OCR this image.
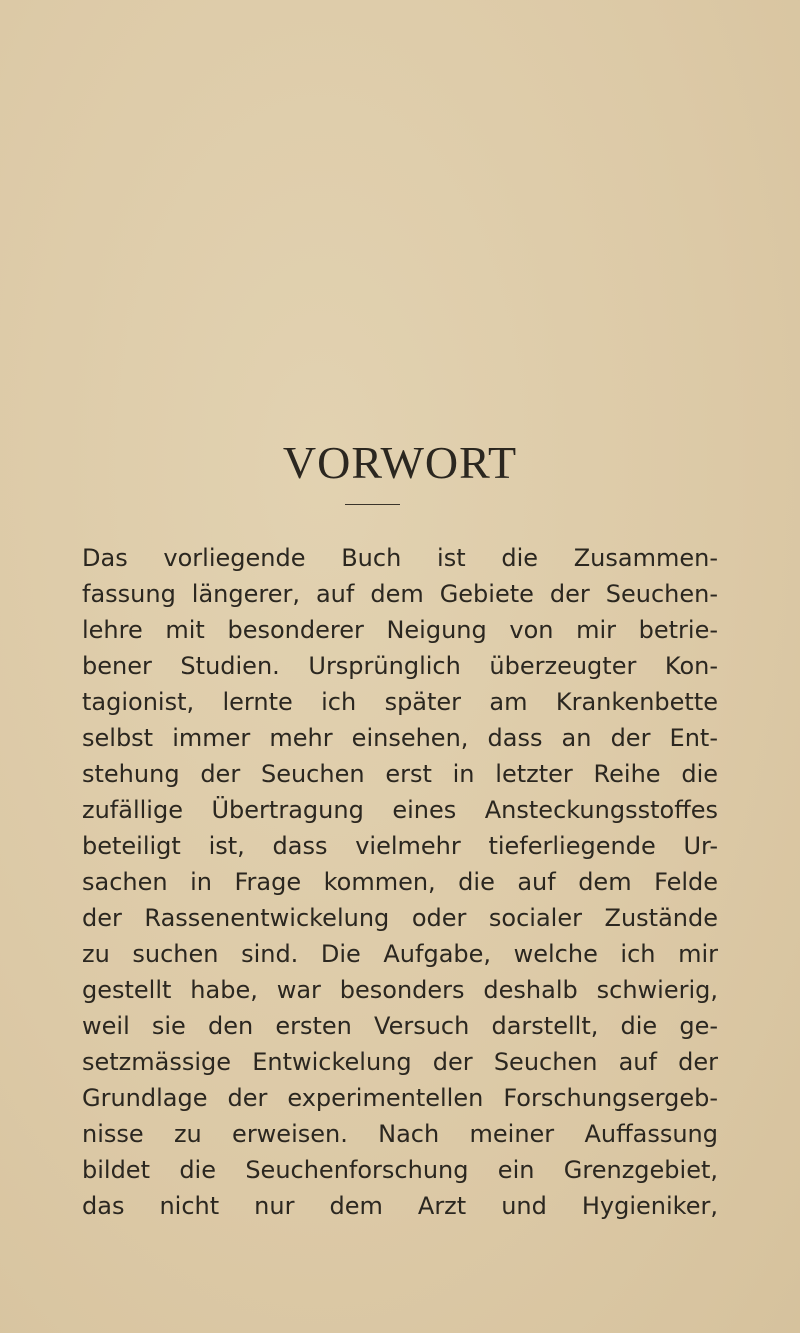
VORWORT
Das vorliegende Buch ist die Zusammen-
fassung längerer, auf dem Gebiete der Seuchen-
lehre mit besonderer Neigung von mir betrie-
bener Studien. Ursprünglich überzeugter Kon-
tagionist, lernte ich später am Krankenbette
selbst immer mehr einsehen, dass an der Ent-
stehung der Seuchen erst in letzter Reihe die
zufällige Übertragung eines Ansteckungsstoffes
beteiligt ist, dass vielmehr tieferliegende Ur-
sachen in Frage kommen, die auf dem Felde
der Rassenentwickelung oder socialer Zustände
zu suchen sind. Die Aufgabe, welche ich mir
gestellt habe, war besonders deshalb schwierig,
weil sie den ersten Versuch darstellt, die ge-
setzmässige Entwickelung der Seuchen auf der
Grundlage der experimentellen Forschungsergeb-
nisse zu erweisen. Nach meiner Auffassung
bildet die Seuchenforschung ein Grenzgebiet,
das nicht nur dem Arzt und Hygieniker,
